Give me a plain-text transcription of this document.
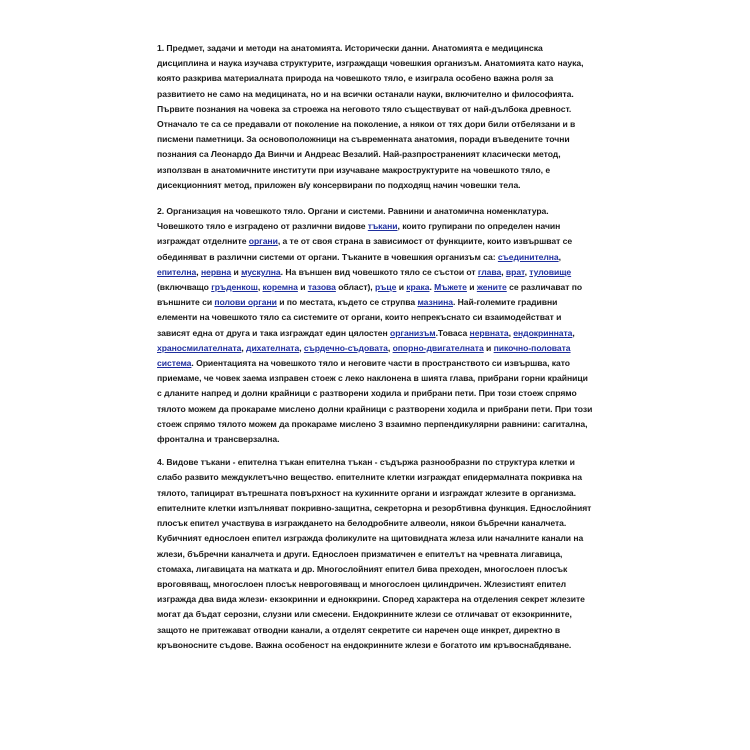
1. Предмет, задачи и методи на анатомията. Исторически данни. Анатомията е медицинска дисциплина и наука изучава структурите, изграждащи човешкия организъм. Анатомията като наука, която разкрива материалната природа на човешкото тяло, е изиграла особено важна роля за развитието не само на медицината, но и на всички останали науки, включително и философията. Първите познания на човека за строежа на неговото тяло съществуват от най-дълбока древност. Отначало те са се предавали от поколение на поколение, а някои от тях дори били отбелязани и в писмени паметници. За основоположници на съвременната анатомия, поради въведените точни познания са Леонардо Да Винчи и Андреас Везалий. Най-разпространеният класически метод, използван в анатомичните институти при изучаване макроструктурите на човешкото тяло, е дисекционният метод, приложен в/у консервирани по подходящ начин човешки тела.

2. Организация на човешкото тяло. Органи и системи. Равнини и анатомична номенклатура. Човешкото тяло е изградено от различни видове тъкани, които групирани по определен начин изграждат отделните органи, а те от своя страна в зависимост от функциите, които извършват се обединяват в различни системи от органи. Тъканите в човешкия организъм са: съединителна, епителна, нервна и мускулна. На външен вид човешкото тяло се състои от глава, врат, туловище (включващо гръденкош, коремна и тазова област), ръце и крака. Мъжете и жените се различават по външните си полови органи и по местата, където се струпва мазнина. Най-големите градивни елементи на човешкото тяло са системите от органи, които непрекъснато си взаимодействат и зависят една от друга и така изграждат един цялостен организъм.Товаса нервната, ендокринната, храносмилателната, дихателната, сърдечно-съдовата, опорно-двигателната и пикочно-половата система. Ориентацията на човешкото тяло и неговите части в пространството си извършва, като приемаме, че човек заема изправен стоеж с леко наклонена в шията глава, прибрани горни крайници с дланите напред и долни крайници с разтворени ходила и прибрани пети. При този стоеж спрямо тялото можем да прокараме мислено долни крайници с разтворени ходила и прибрани пети. При този стоеж спрямо тялото можем да прокараме мислено 3 взаимно перпендикулярни равнини: сагитална, фронтална и трансверзална.

4. Видове тъкани - епителна тъкан епителна тъкан - съдържа разнообразни по структура клетки и слабо развито междуклетъчно вещество. епителните клетки изграждат епидермалната покривка на тялото, тапицират вътрешната повърхност на кухинните органи и изграждат жлезите в организма. епителните клетки изпълняват покривно-защитна, секреторна и резорбтивна функция. Еднослойният плосък епител участвува в изграждането на белодробните алвеоли, някои бъбречни каналчета. Кубичният еднослоен епител изгражда фоликулите на щитовидната жлеза или началните канали на жлези, бъбречни каналчета и други. Еднослоен призматичен е епителът на чревната лигавица, стомаха, лигавицата на матката и др. Многослойният епител бива преходен, многослоен плосък вроговяващ, многослоен плосък невроговяващ и многослоен цилиндричен. Жлезистият епител изгражда два вида жлези- екзокринни и едноккрини. Според характера на отделения секрет жлезите могат да бъдат серозни, слузни или смесени. Ендокринните жлези се отличават от екзокринните, защото не притежават отводни канали, а отделят секретите си наречен още инкрет, директно в кръвоносните съдове. Важна особеност на ендокринните жлези е богатото им кръвоснабдяване.
